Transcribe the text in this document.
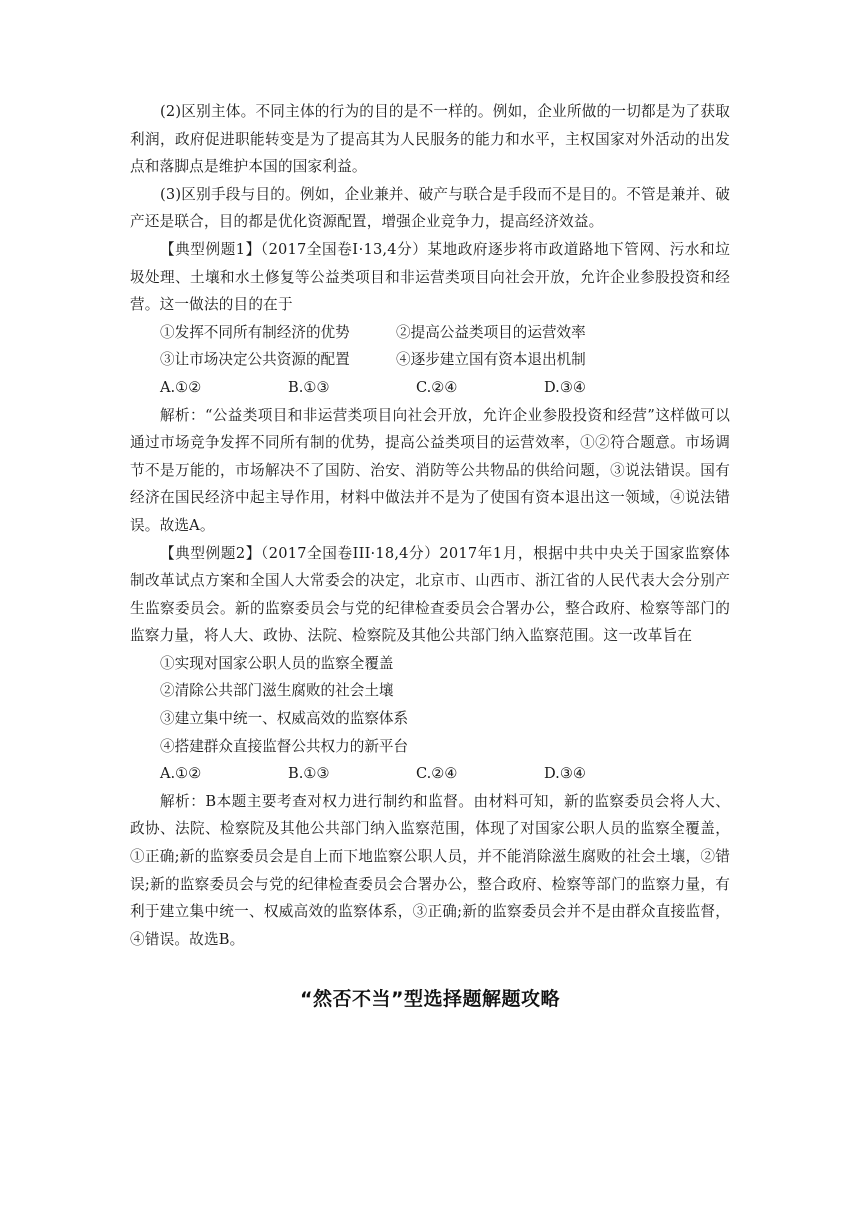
(2)区别主体。不同主体的行为的目的是不一样的。例如，企业所做的一切都是为了获取利润，政府促进职能转变是为了提高其为人民服务的能力和水平，主权国家对外活动的出发点和落脚点是维护本国的国家利益。

(3)区别手段与目的。例如，企业兼并、破产与联合是手段而不是目的。不管是兼并、破产还是联合，目的都是优化资源配置，增强企业竞争力，提高经济效益。

【典型例题1】（2017全国卷Ⅰ·13,4分）某地政府逐步将市政道路地下管网、污水和垃圾处理、土壤和水土修复等公益类项目和非运营类项目向社会开放，允许企业参股投资和经营。这一做法的目的在于

①发挥不同所有制经济的优势	②提高公益类项目的运营效率
③让市场决定公共资源的配置	④逐步建立国有资本退出机制
A.①②	B.①③	C.②④	D.③④

解析：“公益类项目和非运营类项目向社会开放，允许企业参股投资和经营”这样做可以通过市场竞争发挥不同所有制的优势，提高公益类项目的运营效率，①②符合题意。市场调节不是万能的，市场解决不了国防、治安、消防等公共物品的供给问题，③说法错误。国有经济在国民经济中起主导作用，材料中做法并不是为了使国有资本退出这一领域，④说法错误。故选A。

【典型例题2】（2017全国卷III·18,4分）2017年1月，根据中共中央关于国家监察体制改革试点方案和全国人大常委会的决定，北京市、山西市、浙江省的人民代表大会分别产生监察委员会。新的监察委员会与党的纪律检查委员会合署办公，整合政府、检察等部门的监察力量，将人大、政协、法院、检察院及其他公共部门纳入监察范围。这一改革旨在

①实现对国家公职人员的监察全覆盖

②清除公共部门滋生腐败的社会土壤

③建立集中统一、权威高效的监察体系

④搭建群众直接监督公共权力的新平台

A.①②	B.①③	C.②④	D.③④

解析：B本题主要考查对权力进行制约和监督。由材料可知，新的监察委员会将人大、政协、法院、检察院及其他公共部门纳入监察范围，体现了对国家公职人员的监察全覆盖，①正确;新的监察委员会是自上而下地监察公职人员，并不能消除滋生腐败的社会土壤，②错误;新的监察委员会与党的纪律检查委员会合署办公，整合政府、检察等部门的监察力量，有利于建立集中统一、权威高效的监察体系，③正确;新的监察委员会并不是由群众直接监督，④错误。故选B。

“然否不当”型选择题解题攻略
